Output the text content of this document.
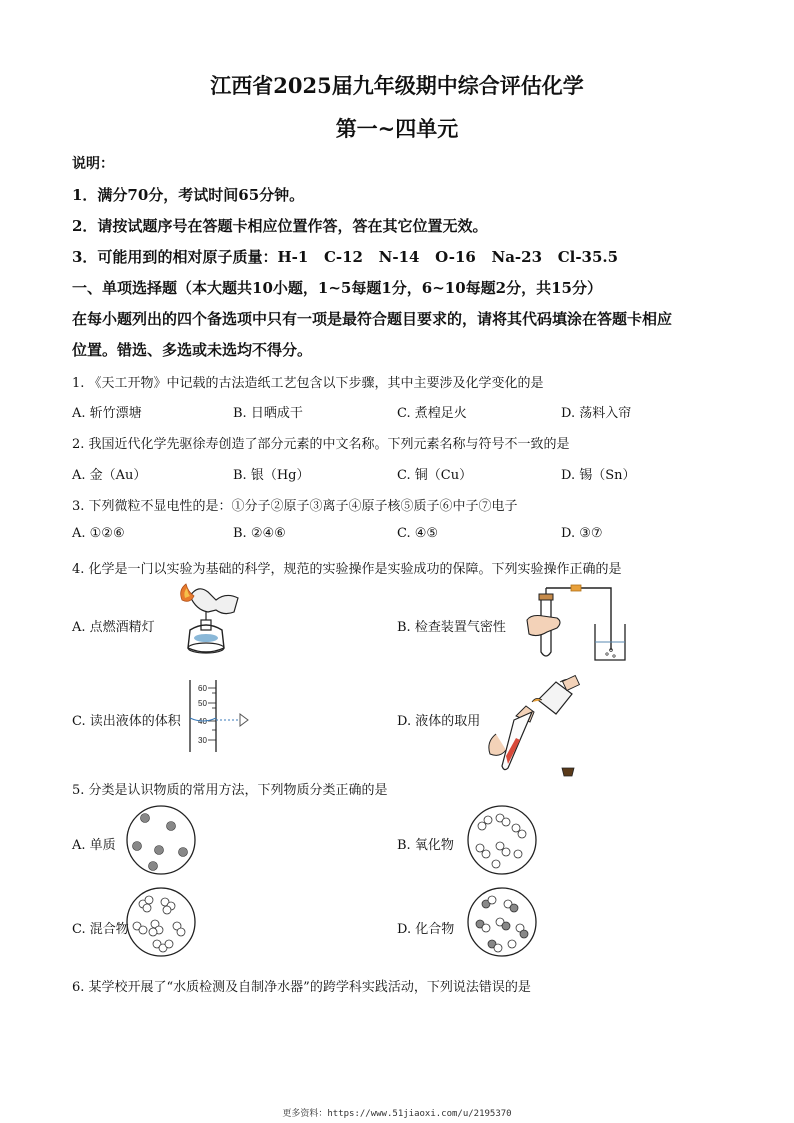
江西省2025届九年级期中综合评估化学
第一~四单元
说明：
1．满分70分，考试时间65分钟。
2．请按试题序号在答题卡相应位置作答，答在其它位置无效。
3．可能用到的相对原子质量：H-1   C-12   N-14   O-16   Na-23   Cl-35.5
一、单项选择题（本大题共10小题，1~5每题1分，6~10每题2分，共15分）
在每小题列出的四个备选项中只有一项是最符合题目要求的，请将其代码填涂在答题卡相应
位置。错选、多选或未选均不得分。
1. 《天工开物》中记载的古法造纸工艺包含以下步骤，其中主要涉及化学变化的是
A. 斩竹漂塘	B. 日晒成干	C. 煮楻足火	D. 荡料入帘
2. 我国近代化学先驱徐寿创造了部分元素的中文名称。下列元素名称与符号不一致的是
A. 金（Au）	B. 银（Hg）	C. 铜（Cu）	D. 锡（Sn）
3. 下列微粒不显电性的是：①分子②原子③离子④原子核⑤质子⑥中子⑦电子
A. ①②⑥	B. ②④⑥	C. ④⑤	D. ③⑦
4. 化学是一门以实验为基础的科学，规范的实验操作是实验成功的保障。下列实验操作正确的是
A. 点燃酒精灯	B. 检查装置气密性
C. 读出液体的体积	D. 液体的取用
60
50
40
30
5. 分类是认识物质的常用方法，下列物质分类正确的是
A. 单质	B. 氧化物
C. 混合物	D. 化合物
6. 某学校开展了“水质检测及自制净水器”的跨学科实践活动，下列说法错误的是
更多资料：https://www.51jiaoxi.com/u/2195370
